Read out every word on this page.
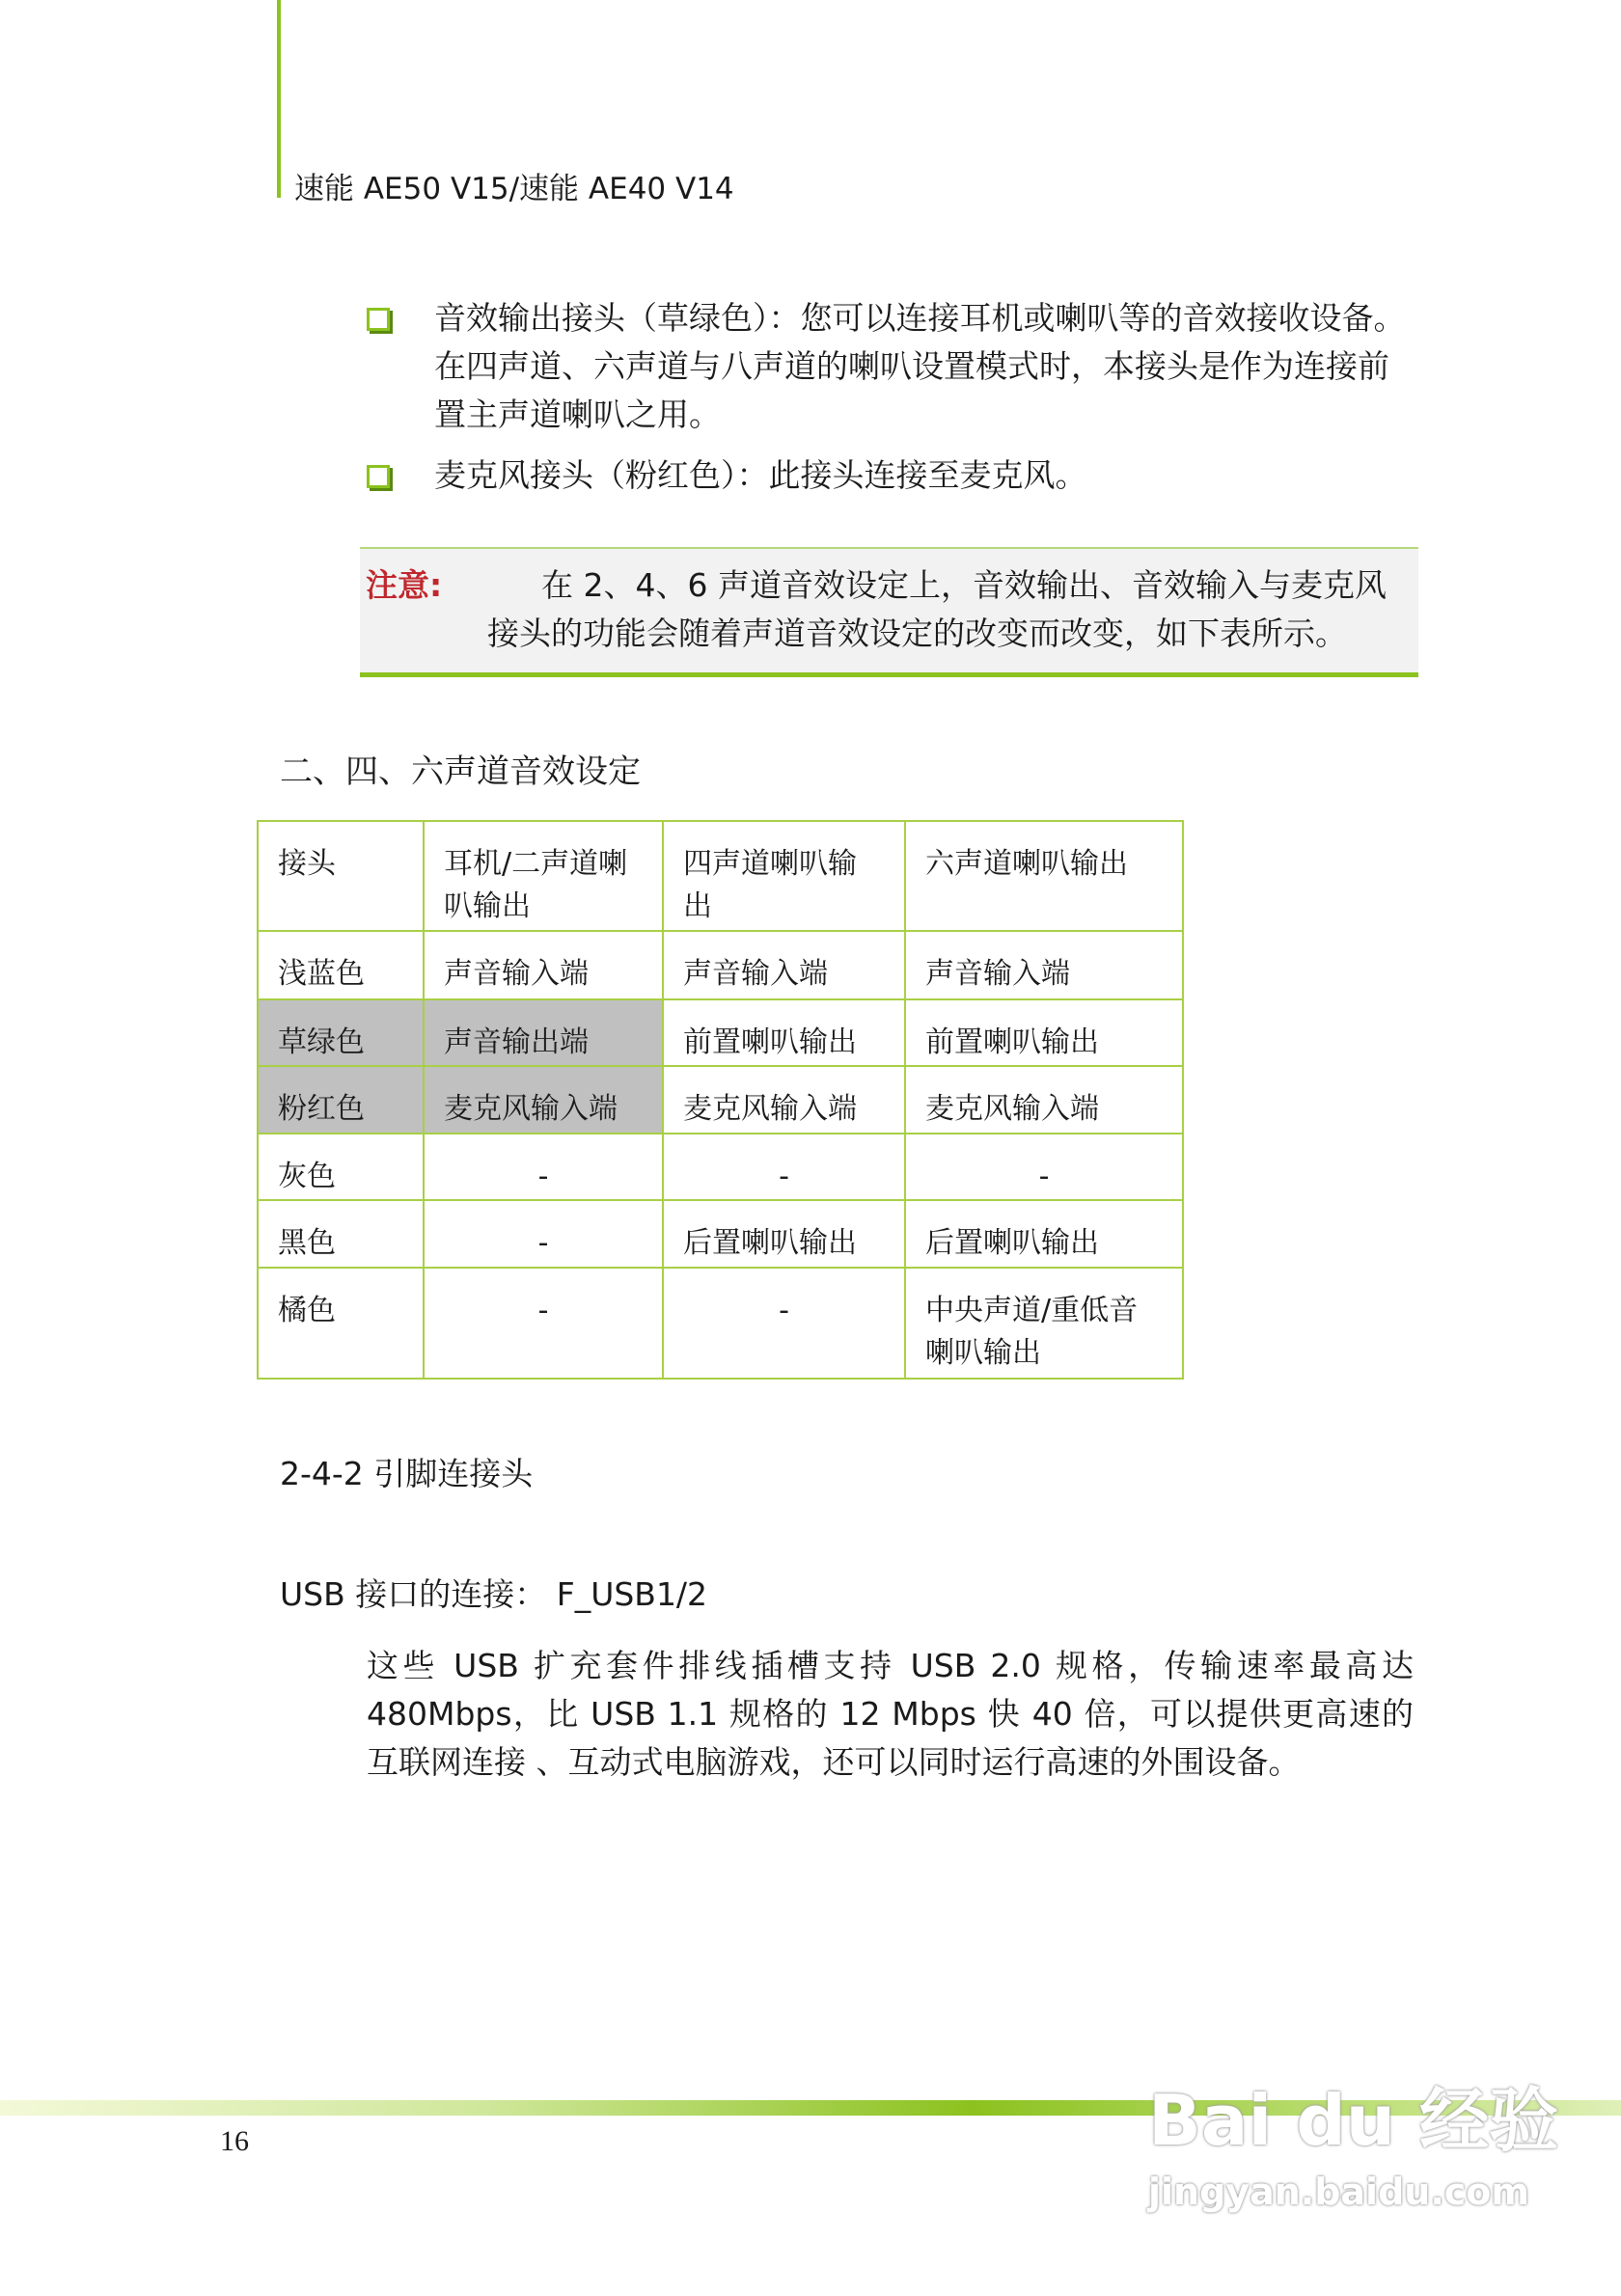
速能 AE50 V15/速能 AE40 V14
音效输出接头（草绿色）：您可以连接耳机或喇叭等的音效接收设备。
在四声道、六声道与八声道的喇叭设置模式时，本接头是作为连接前
置主声道喇叭之用。
麦克风接头（粉红色）：此接头连接至麦克风。
注意:	在 2、4、6 声道音效设定上，音效输出、音效输入与麦克风
接头的功能会随着声道音效设定的改变而改变，如下表所示。
二、四、六声道音效设定
接头	耳机/二声道喇叭输出	四声道喇叭输出	六声道喇叭输出
浅蓝色	声音输入端	声音输入端	声音输入端
草绿色	声音输出端	前置喇叭输出	前置喇叭输出
粉红色	麦克风输入端	麦克风输入端	麦克风输入端
灰色	-	-	-
黑色	-	后置喇叭输出	后置喇叭输出
橘色	-	-	中央声道/重低音喇叭输出
2-4-2 引脚连接头
USB 接口的连接： F_USB1/2
这些 USB 扩充套件排线插槽支持 USB 2.0 规格，传输速率最高达 480Mbps，比 USB 1.1 规格的 12 Mbps 快 40 倍，可以提供更高速的互联网连接 、互动式电脑游戏，还可以同时运行高速的外围设备。
16	Bai du 经验
jingyan.baidu.com
